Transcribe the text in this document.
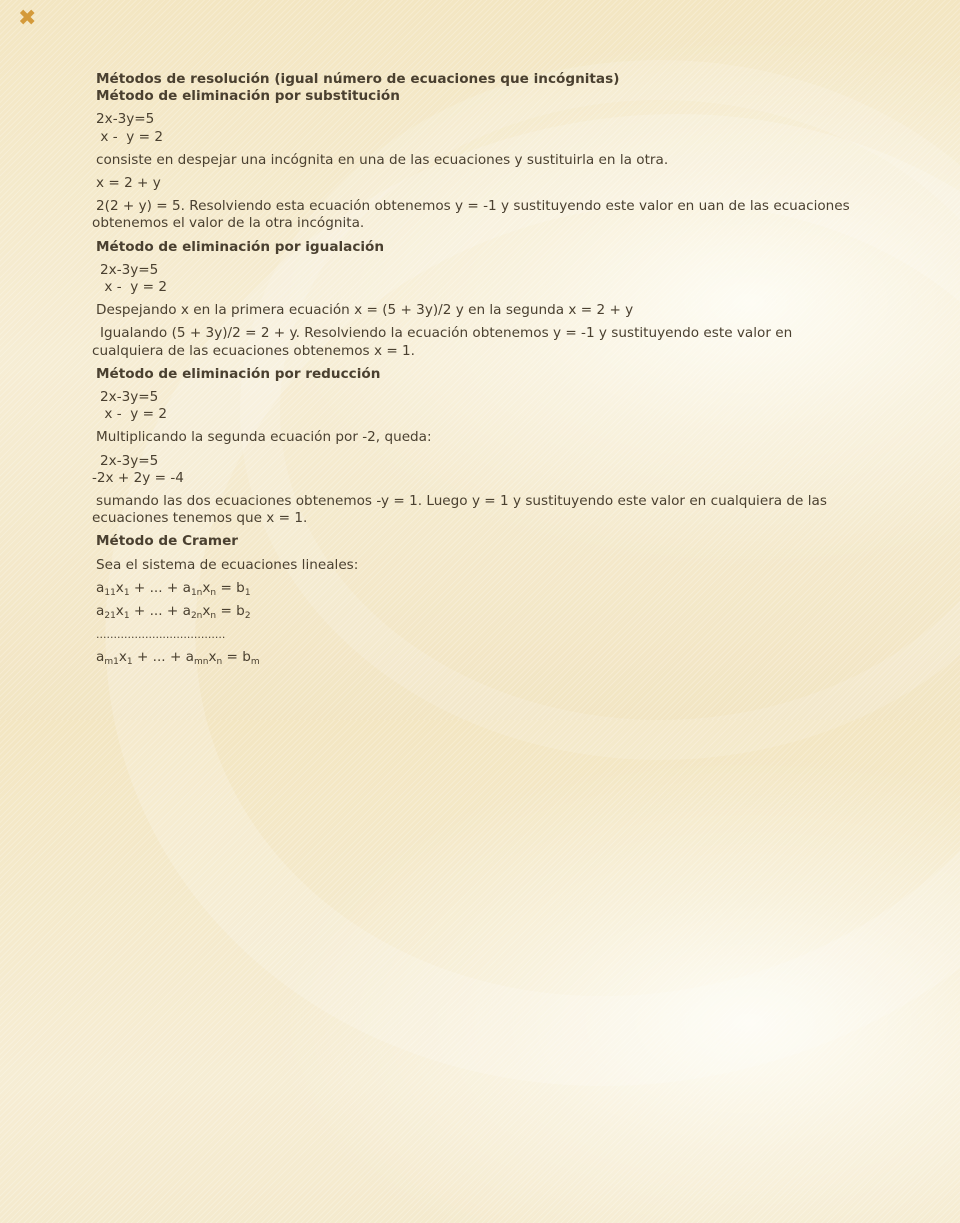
✖

Métodos de resolución (igual número de ecuaciones que incógnitas)

Método de eliminación por substitución

2x-3y=5

x -  y = 2

consiste en despejar una incógnita en una de las ecuaciones y sustituirla en la otra.

x = 2 + y

2(2 + y) = 5. Resolviendo esta ecuación obtenemos y = -1 y sustituyendo este valor en uan de las ecuaciones

obtenemos el valor de la otra incógnita.

Método de eliminación por igualación

2x-3y=5

x -  y = 2

Despejando x en la primera ecuación x = (5 + 3y)/2 y en la segunda x = 2 + y

Igualando (5 + 3y)/2 = 2 + y. Resolviendo la ecuación obtenemos y = -1 y sustituyendo este valor en

cualquiera de las ecuaciones obtenemos x = 1.

Método de eliminación por reducción

2x-3y=5

x -  y = 2

Multiplicando la segunda ecuación por -2, queda:

2x-3y=5

-2x + 2y = -4

sumando las dos ecuaciones obtenemos -y = 1. Luego y = 1 y sustituyendo este valor en cualquiera de las

ecuaciones tenemos que x = 1.

Método de Cramer

Sea el sistema de ecuaciones lineales:

$a_{11}x_1$ + ... + $a_{1n}x_n = b_1$

$a_{21}x_1$ + ... + $a_{2n}x_n = b_2$

.....................................

$a_{m1}x_1$ + ... + $a_{mn}x_n = b_m$
